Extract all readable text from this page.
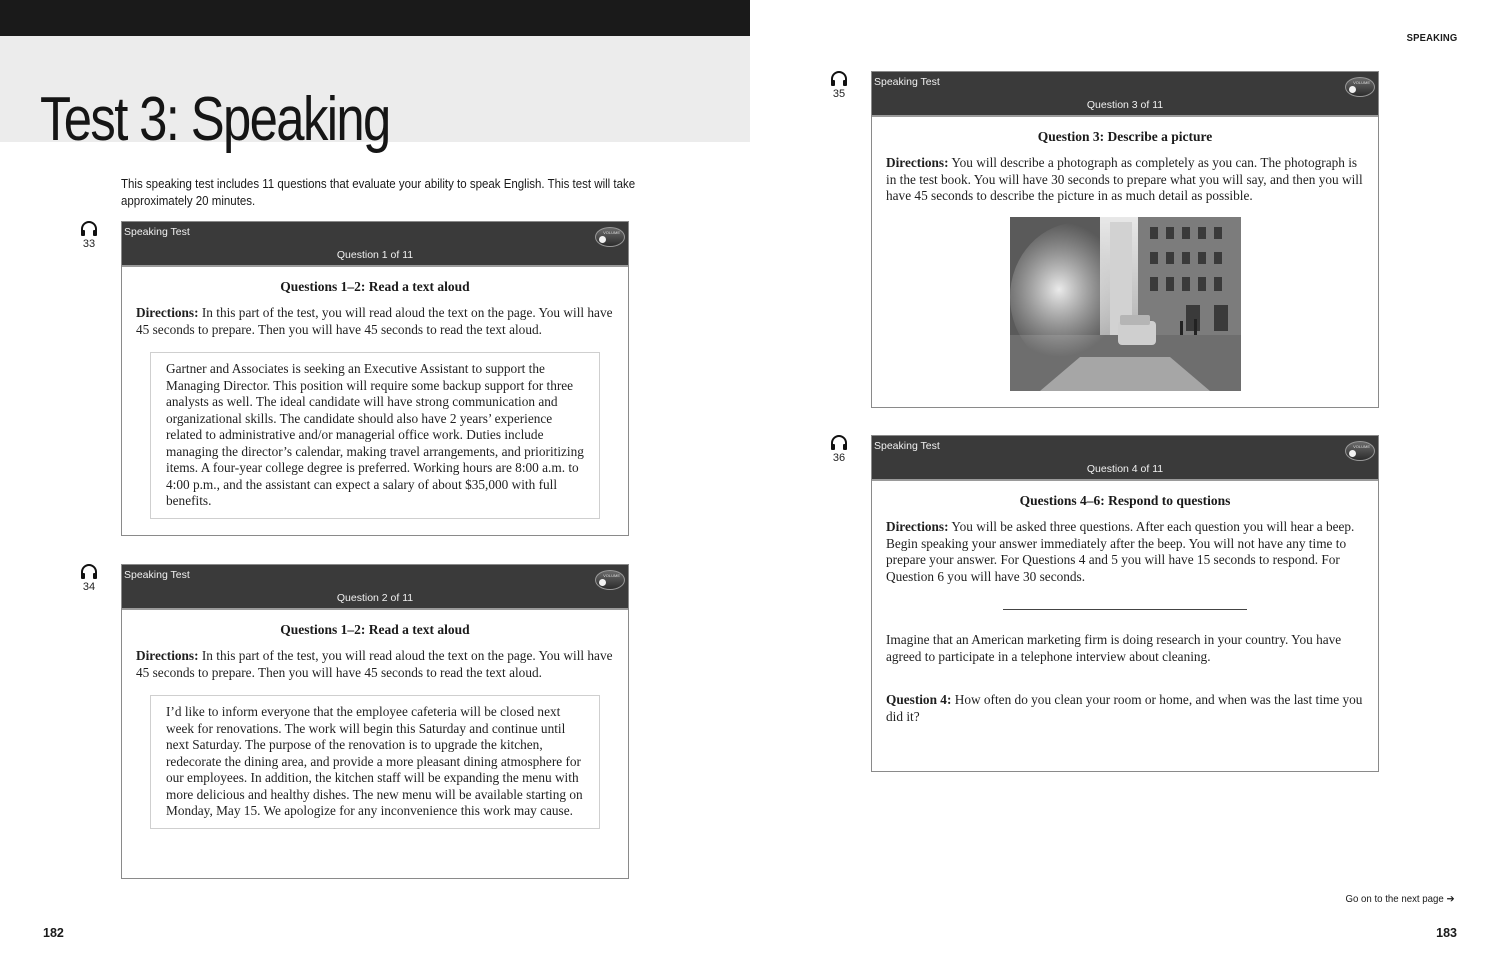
Test 3: Speaking
This speaking test includes 11 questions that evaluate your ability to speak English. This test will take approximately 20 minutes.
33
Speaking Test	VOLUME
Question 1 of 11
Questions 1–2: Read a text aloud
Directions: In this part of the test, you will read aloud the text on the page. You will have 45 seconds to prepare. Then you will have 45 seconds to read the text aloud.
Gartner and Associates is seeking an Executive Assistant to support the Managing Director. This position will require some backup support for three analysts as well. The ideal candidate will have strong communication and organizational skills. The candidate should also have 2 years’ experience related to administrative and/or managerial office work. Duties include managing the director’s calendar, making travel arrangements, and prioritizing items. A four-year college degree is preferred. Working hours are 8:00 a.m. to 4:00 p.m., and the assistant can expect a salary of about $35,000 with full benefits.
34
Speaking Test	VOLUME
Question 2 of 11
Questions 1–2: Read a text aloud
Directions: In this part of the test, you will read aloud the text on the page. You will have 45 seconds to prepare. Then you will have 45 seconds to read the text aloud.
I’d like to inform everyone that the employee cafeteria will be closed next week for renovations. The work will begin this Saturday and continue until next Saturday. The purpose of the renovation is to upgrade the kitchen, redecorate the dining area, and provide a more pleasant dining atmosphere for our employees. In addition, the kitchen staff will be expanding the menu with more delicious and healthy dishes. The new menu will be available starting on Monday, May 15. We apologize for any inconvenience this work may cause.
182
SPEAKING
35
Speaking Test	VOLUME
Question 3 of 11
Question 3: Describe a picture
Directions: You will describe a photograph as completely as you can. The photograph is in the test book. You will have 30 seconds to prepare what you will say, and then you will have 45 seconds to describe the picture in as much detail as possible.
36
Speaking Test	VOLUME
Question 4 of 11
Questions 4–6: Respond to questions
Directions: You will be asked three questions. After each question you will hear a beep. Begin speaking your answer immediately after the beep. You will not have any time to prepare your answer. For Questions 4 and 5 you will have 15 seconds to respond. For Question 6 you will have 30 seconds.
Imagine that an American marketing firm is doing research in your country. You have agreed to participate in a telephone interview about cleaning.
Question 4: How often do you clean your room or home, and when was the last time you did it?
Go on to the next page ➔
183
